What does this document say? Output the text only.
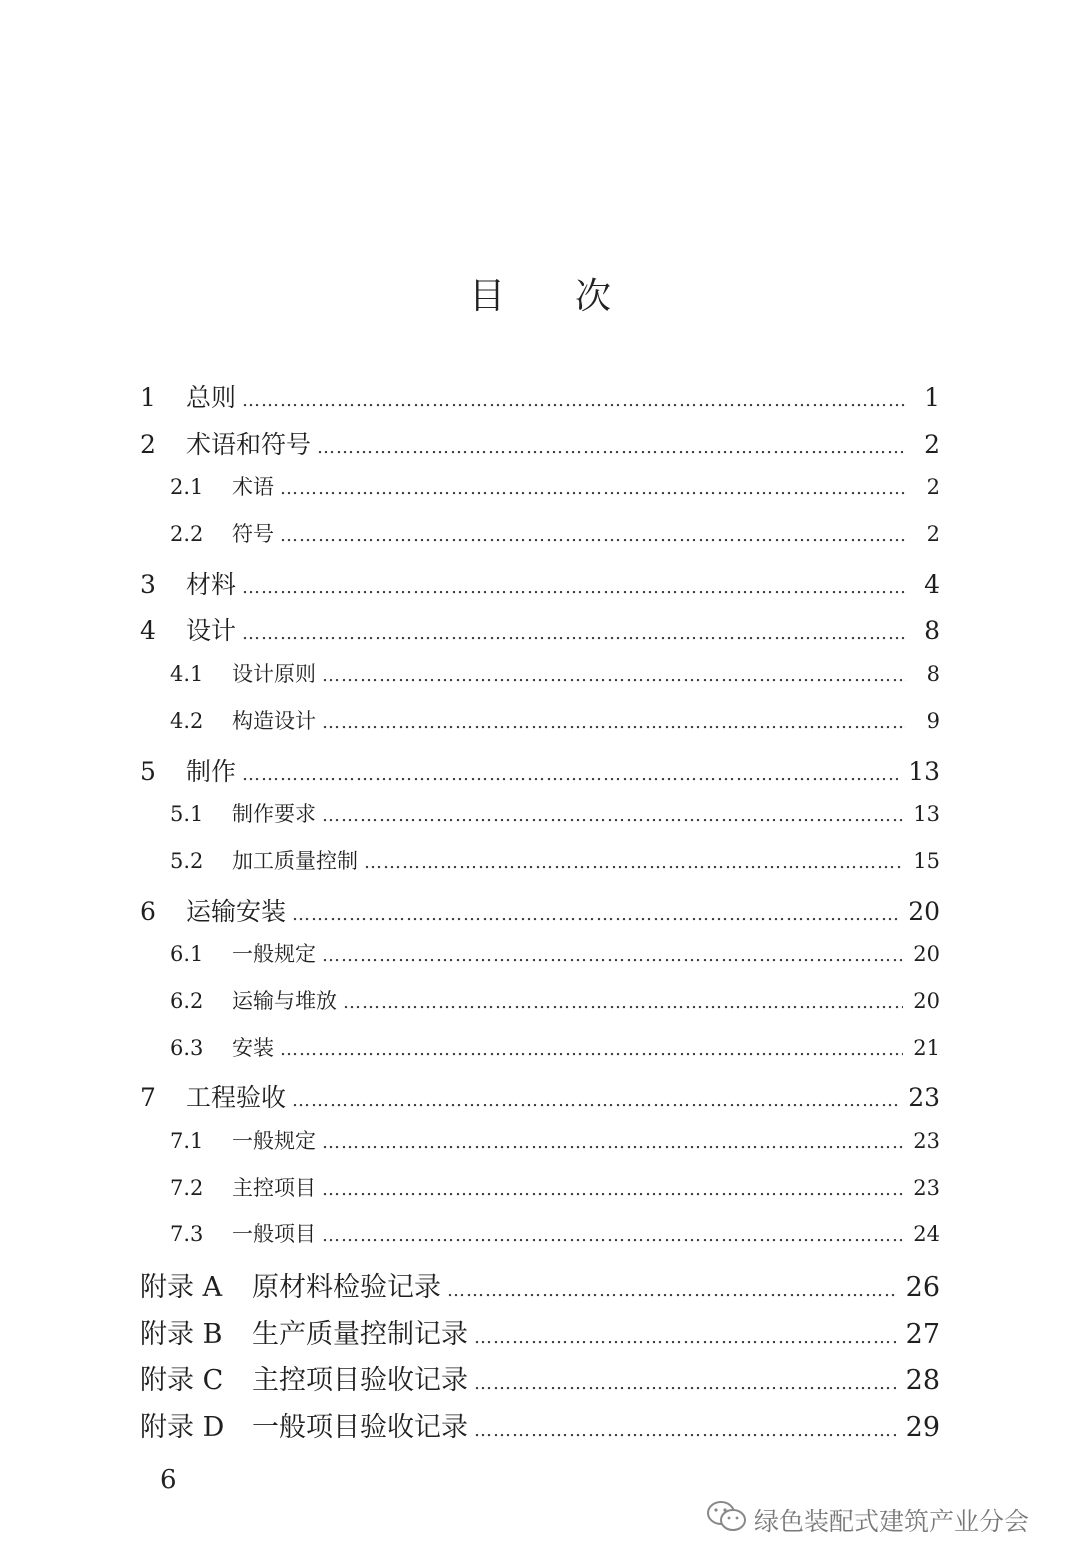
目 次
1	总则 ………………………………………………………………………………………………………………………………………………………………………………	1
2	术语和符号 ………………………………………………………………………………………………………………………………………………………………………………	2
2.1	术语 ………………………………………………………………………………………………………………………………………………………………………………	2
2.2	符号 ………………………………………………………………………………………………………………………………………………………………………………	2
3	材料 ………………………………………………………………………………………………………………………………………………………………………………	4
4	设计 ………………………………………………………………………………………………………………………………………………………………………………	8
4.1	设计原则 ………………………………………………………………………………………………………………………………………………………………………………	8
4.2	构造设计 ………………………………………………………………………………………………………………………………………………………………………………	9
5	制作 ………………………………………………………………………………………………………………………………………………………………………………	13
5.1	制作要求 ………………………………………………………………………………………………………………………………………………………………………………	13
5.2	加工质量控制 ………………………………………………………………………………………………………………………………………………………………………………	15
6	运输安装 ………………………………………………………………………………………………………………………………………………………………………………	20
6.1	一般规定 ………………………………………………………………………………………………………………………………………………………………………………	20
6.2	运输与堆放 ………………………………………………………………………………………………………………………………………………………………………………	20
6.3	安装 ………………………………………………………………………………………………………………………………………………………………………………	21
7	工程验收 ………………………………………………………………………………………………………………………………………………………………………………	23
7.1	一般规定 ………………………………………………………………………………………………………………………………………………………………………………	23
7.2	主控项目 ………………………………………………………………………………………………………………………………………………………………………………	23
7.3	一般项目 ………………………………………………………………………………………………………………………………………………………………………………	24
附录 A	原材料检验记录 ………………………………………………………………………………………………………………………………………………………………………………	26
附录 B	生产质量控制记录 ………………………………………………………………………………………………………………………………………………………………………………	27
附录 C	主控项目验收记录 ………………………………………………………………………………………………………………………………………………………………………………	28
附录 D	一般项目验收记录 ………………………………………………………………………………………………………………………………………………………………………………	29
6
绿色装配式建筑产业分会
